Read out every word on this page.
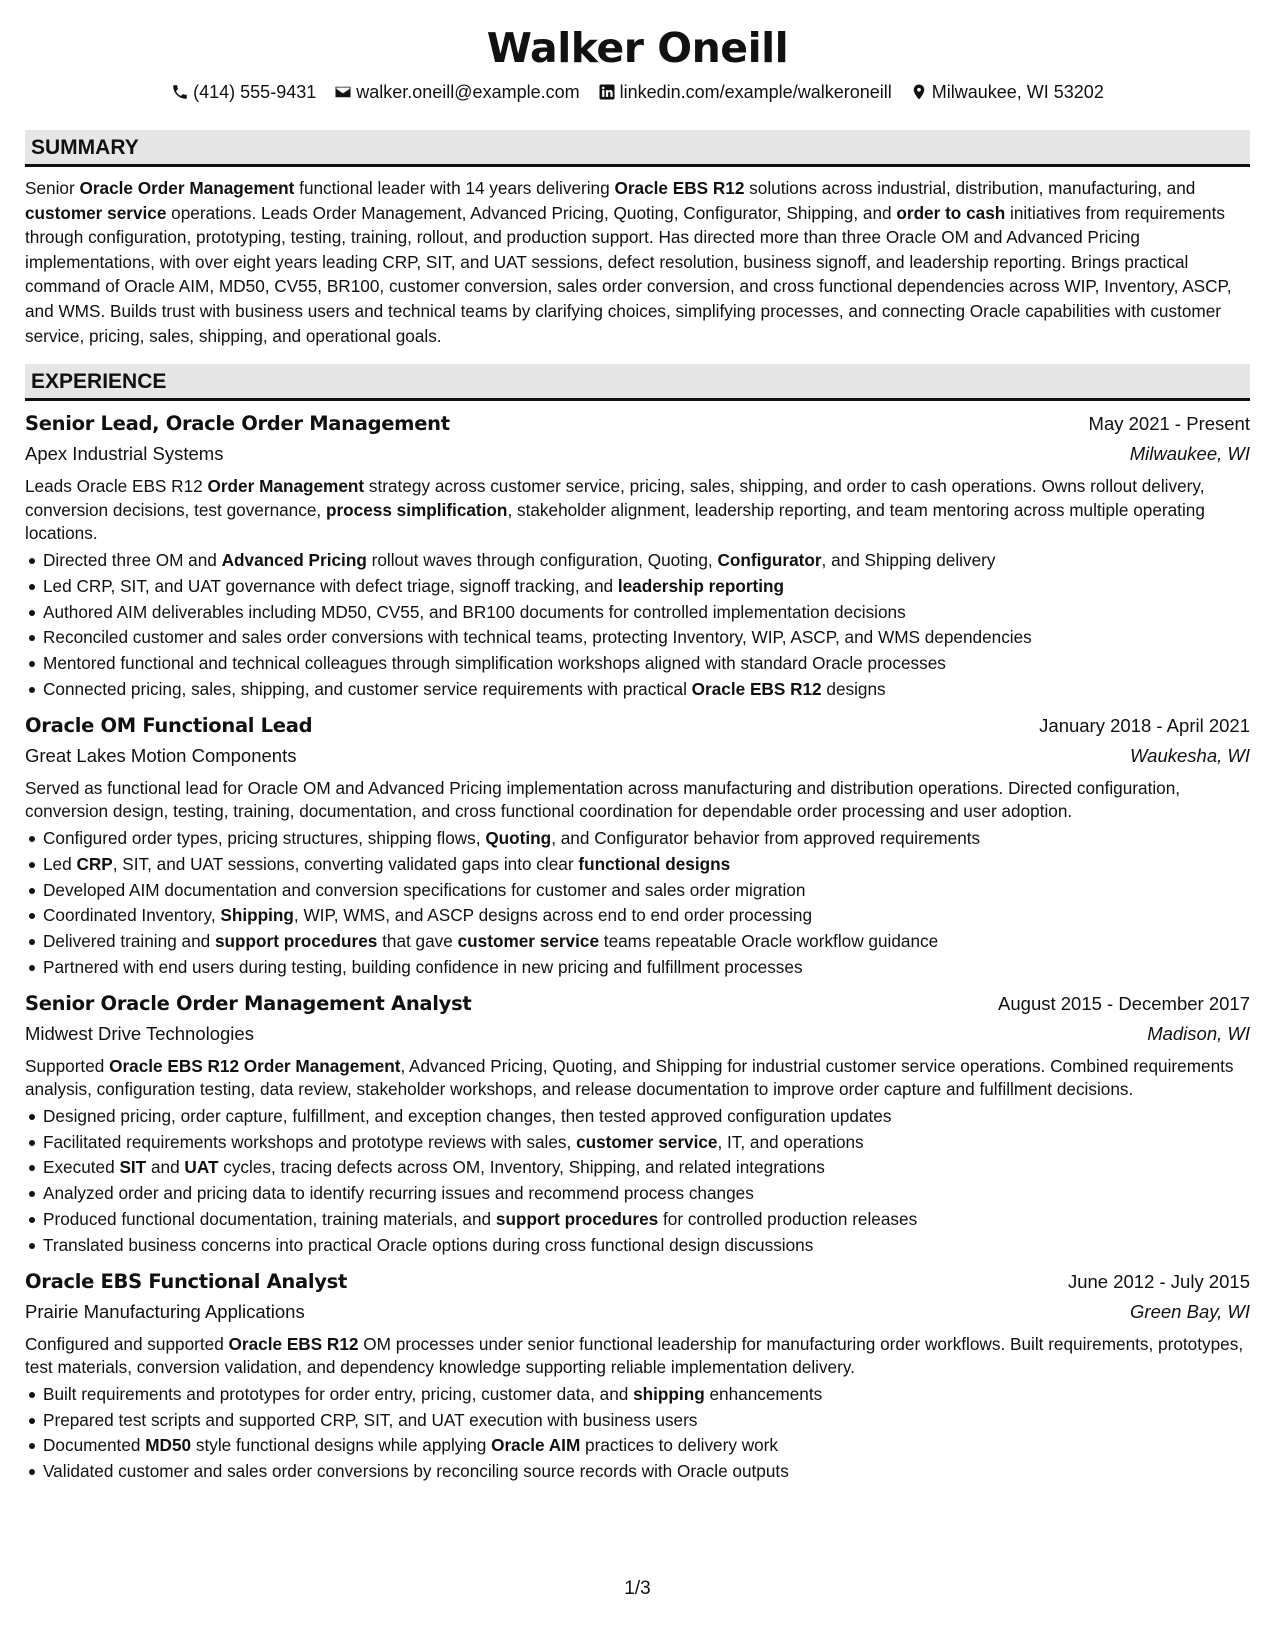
Walker Oneill
(414) 555-9431 walker.oneill@example.com linkedin.com/example/walkeroneill Milwaukee, WI 53202
SUMMARY
Senior Oracle Order Management functional leader with 14 years delivering Oracle EBS R12 solutions across industrial, distribution, manufacturing, and customer service operations. Leads Order Management, Advanced Pricing, Quoting, Configurator, Shipping, and order to cash initiatives from requirements through configuration, prototyping, testing, training, rollout, and production support. Has directed more than three Oracle OM and Advanced Pricing implementations, with over eight years leading CRP, SIT, and UAT sessions, defect resolution, business signoff, and leadership reporting. Brings practical command of Oracle AIM, MD50, CV55, BR100, customer conversion, sales order conversion, and cross functional dependencies across WIP, Inventory, ASCP, and WMS. Builds trust with business users and technical teams by clarifying choices, simplifying processes, and connecting Oracle capabilities with customer service, pricing, sales, shipping, and operational goals.
EXPERIENCE
Senior Lead, Oracle Order Management	May 2021 - Present
Apex Industrial Systems	Milwaukee, WI
Leads Oracle EBS R12 Order Management strategy across customer service, pricing, sales, shipping, and order to cash operations. Owns rollout delivery, conversion decisions, test governance, process simplification, stakeholder alignment, leadership reporting, and team mentoring across multiple operating locations.
Directed three OM and Advanced Pricing rollout waves through configuration, Quoting, Configurator, and Shipping delivery
Led CRP, SIT, and UAT governance with defect triage, signoff tracking, and leadership reporting
Authored AIM deliverables including MD50, CV55, and BR100 documents for controlled implementation decisions
Reconciled customer and sales order conversions with technical teams, protecting Inventory, WIP, ASCP, and WMS dependencies
Mentored functional and technical colleagues through simplification workshops aligned with standard Oracle processes
Connected pricing, sales, shipping, and customer service requirements with practical Oracle EBS R12 designs
Oracle OM Functional Lead	January 2018 - April 2021
Great Lakes Motion Components	Waukesha, WI
Served as functional lead for Oracle OM and Advanced Pricing implementation across manufacturing and distribution operations. Directed configuration, conversion design, testing, training, documentation, and cross functional coordination for dependable order processing and user adoption.
Configured order types, pricing structures, shipping flows, Quoting, and Configurator behavior from approved requirements
Led CRP, SIT, and UAT sessions, converting validated gaps into clear functional designs
Developed AIM documentation and conversion specifications for customer and sales order migration
Coordinated Inventory, Shipping, WIP, WMS, and ASCP designs across end to end order processing
Delivered training and support procedures that gave customer service teams repeatable Oracle workflow guidance
Partnered with end users during testing, building confidence in new pricing and fulfillment processes
Senior Oracle Order Management Analyst	August 2015 - December 2017
Midwest Drive Technologies	Madison, WI
Supported Oracle EBS R12 Order Management, Advanced Pricing, Quoting, and Shipping for industrial customer service operations. Combined requirements analysis, configuration testing, data review, stakeholder workshops, and release documentation to improve order capture and fulfillment decisions.
Designed pricing, order capture, fulfillment, and exception changes, then tested approved configuration updates
Facilitated requirements workshops and prototype reviews with sales, customer service, IT, and operations
Executed SIT and UAT cycles, tracing defects across OM, Inventory, Shipping, and related integrations
Analyzed order and pricing data to identify recurring issues and recommend process changes
Produced functional documentation, training materials, and support procedures for controlled production releases
Translated business concerns into practical Oracle options during cross functional design discussions
Oracle EBS Functional Analyst	June 2012 - July 2015
Prairie Manufacturing Applications	Green Bay, WI
Configured and supported Oracle EBS R12 OM processes under senior functional leadership for manufacturing order workflows. Built requirements, prototypes, test materials, conversion validation, and dependency knowledge supporting reliable implementation delivery.
Built requirements and prototypes for order entry, pricing, customer data, and shipping enhancements
Prepared test scripts and supported CRP, SIT, and UAT execution with business users
Documented MD50 style functional designs while applying Oracle AIM practices to delivery work
Validated customer and sales order conversions by reconciling source records with Oracle outputs
1/3
